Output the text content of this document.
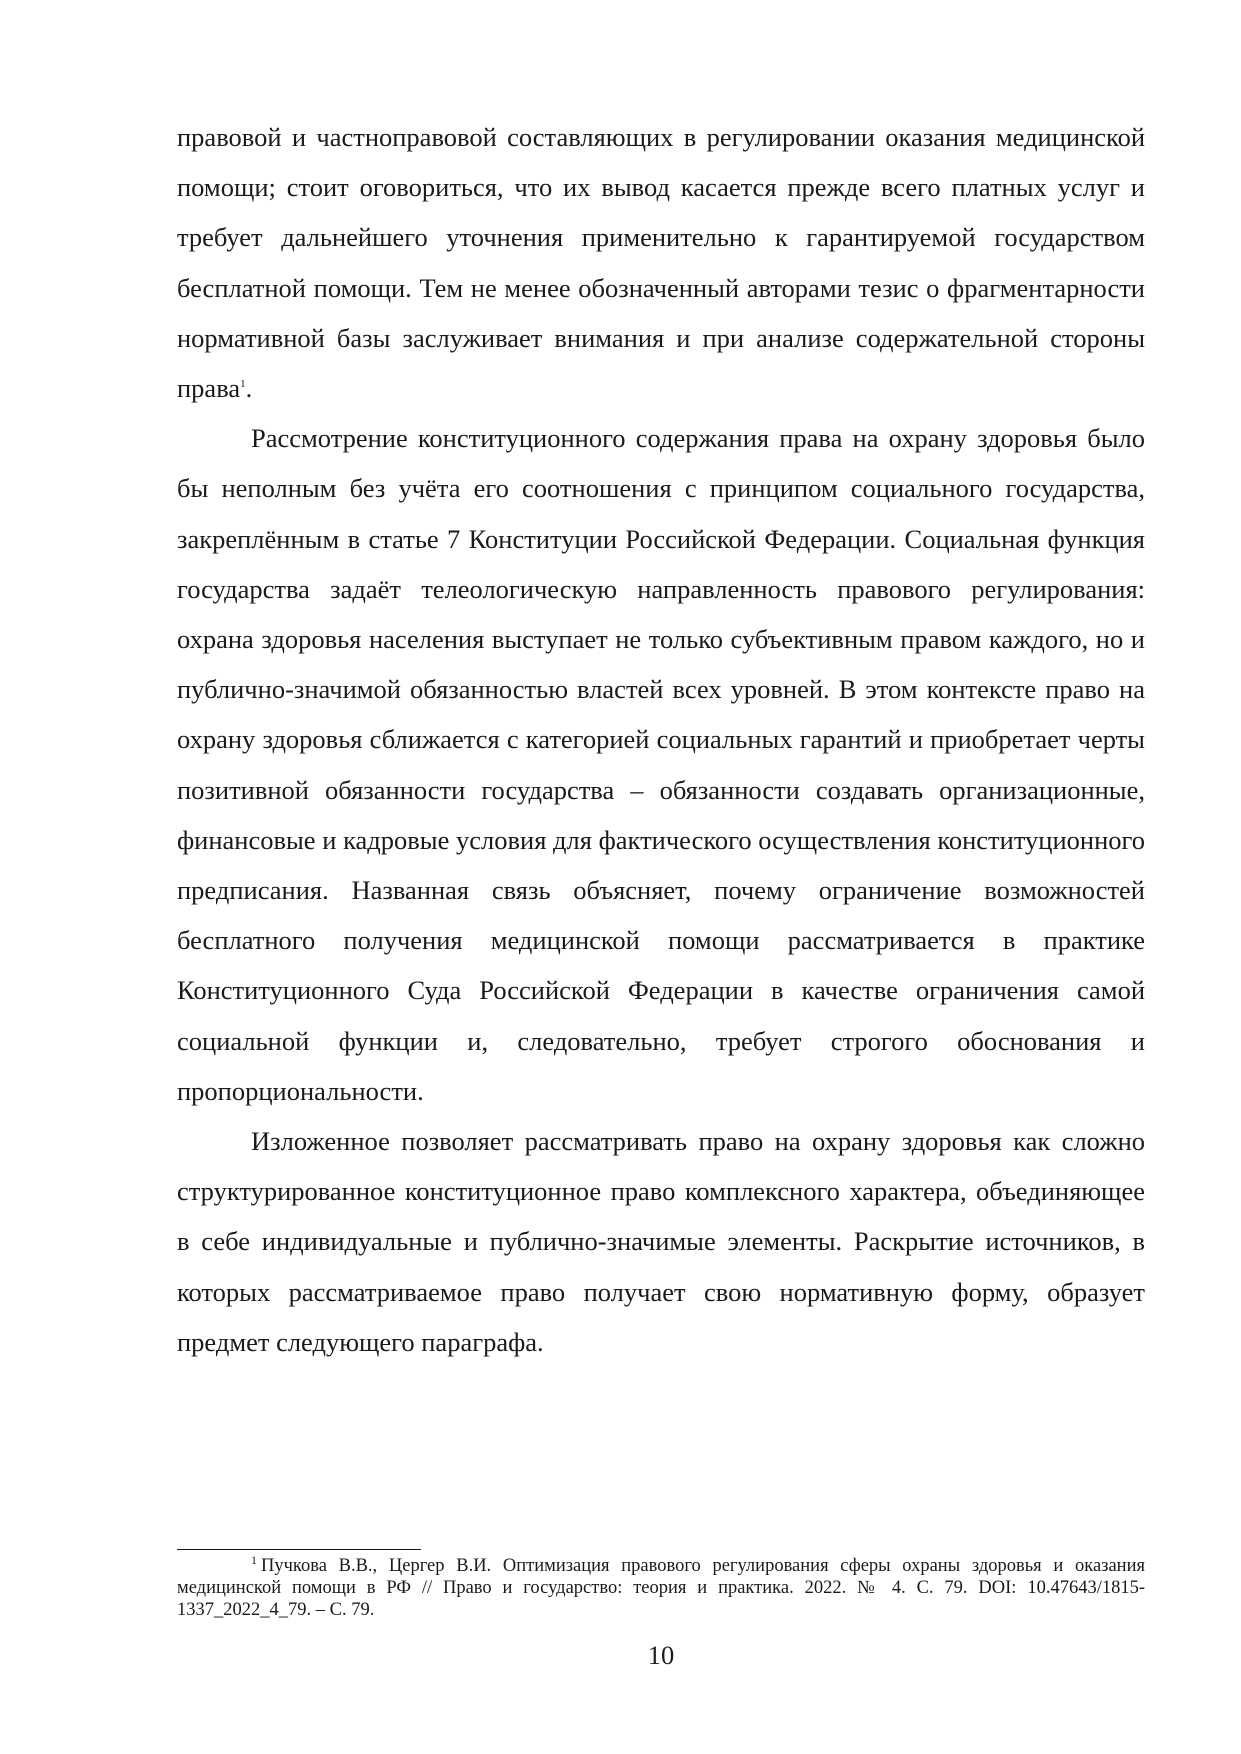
правовой и частноправовой составляющих в регулировании оказания медицинской помощи; стоит оговориться, что их вывод касается прежде всего платных услуг и требует дальнейшего уточнения применительно к гарантируемой государством бесплатной помощи. Тем не менее обозначенный авторами тезис о фрагментарности нормативной базы заслуживает внимания и при анализе содержательной стороны права$^1$.

Рассмотрение конституционного содержания права на охрану здоровья было бы неполным без учёта его соотношения с принципом социального государства, закреплённым в статье 7 Конституции Российской Федерации. Социальная функция государства задаёт телеологическую направленность правового регулирования: охрана здоровья населения выступает не только субъективным правом каждого, но и публично-значимой обязанностью властей всех уровней. В этом контексте право на охрану здоровья сближается с категорией социальных гарантий и приобретает черты позитивной обязанности государства – обязанности создавать организационные, финансовые и кадровые условия для фактического осуществления конституционного предписания. Названная связь объясняет, почему ограничение возможностей бесплатного получения медицинской помощи рассматривается в практике Конституционного Суда Российской Федерации в качестве ограничения самой социальной функции и, следовательно, требует строгого обоснования и пропорциональности.

Изложенное позволяет рассматривать право на охрану здоровья как сложно структурированное конституционное право комплексного характера, объединяющее в себе индивидуальные и публично-значимые элементы. Раскрытие источников, в которых рассматриваемое право получает свою нормативную форму, образует предмет следующего параграфа.

$^1$ Пучкова В.В., Цергер В.И. Оптимизация правового регулирования сферы охраны здоровья и оказания медицинской помощи в РФ // Право и государство: теория и практика. 2022. № 4. С. 79. DOI: 10.47643/1815-1337_2022_4_79. – С. 79.
10
